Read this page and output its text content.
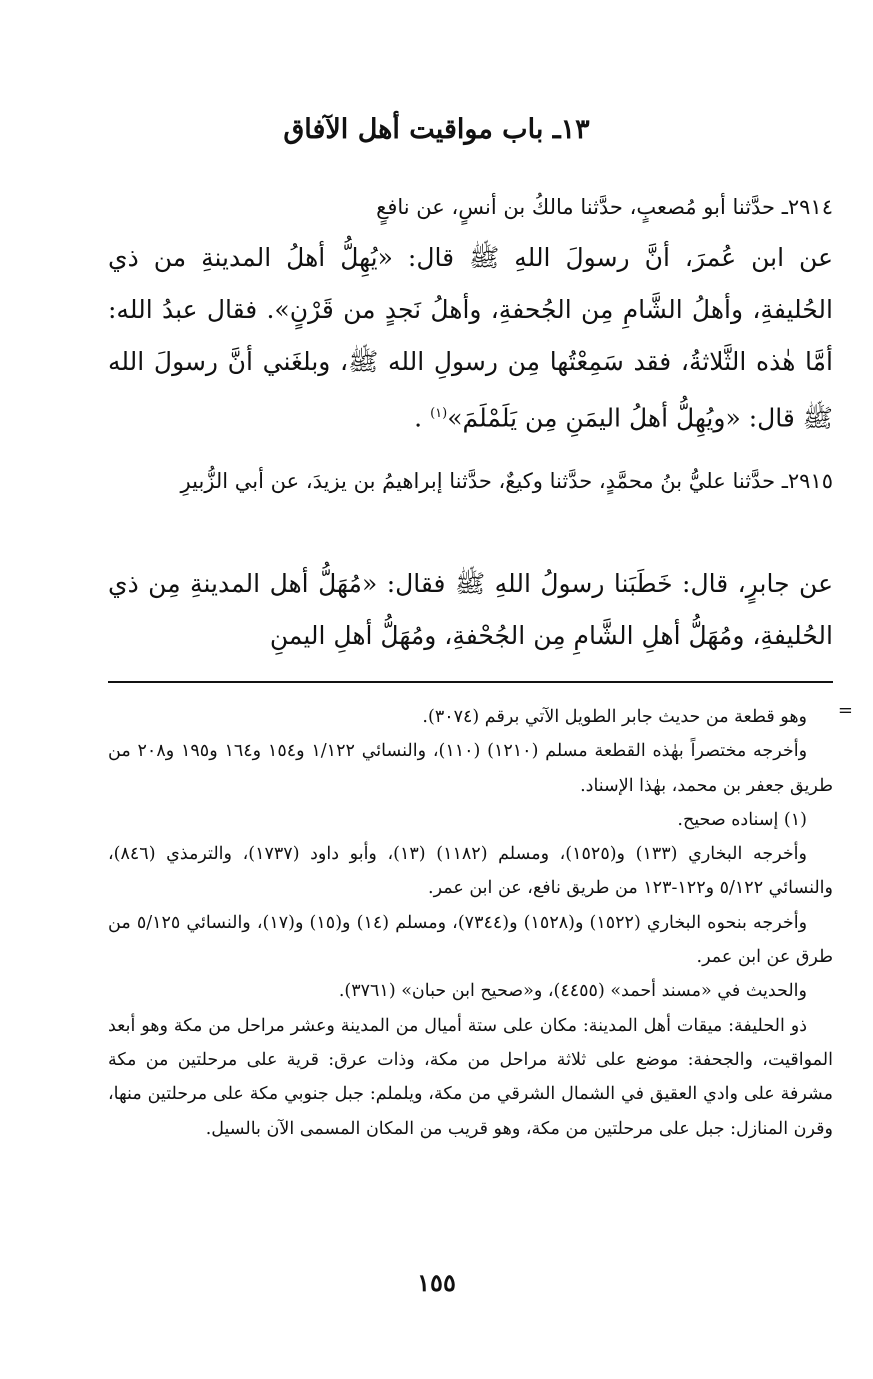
١٣ـ باب مواقيت أهل الآفاق
٢٩١٤ـ حدَّثنا أبو مُصعبٍ، حدَّثنا مالكُ بن أنسٍ، عن نافعٍ
عن ابن عُمرَ، أنَّ رسولَ اللهِ ﷺ قال: «يُهِلُّ أهلُ المدينةِ من ذي الحُليفةِ، وأهلُ الشَّامِ مِن الجُحفةِ، وأهلُ نَجدٍ من قَرْنٍ». فقال عبدُ الله: أمَّا هٰذه الثَّلاثةُ، فقد سَمِعْتُها مِن رسولِ الله ﷺ، وبلغَني أنَّ رسولَ الله ﷺ قال: «ويُهِلُّ أهلُ اليمَنِ مِن يَلَمْلَمَ»$^{(١)}$ .
٢٩١٥ـ حدَّثنا عليُّ بنُ محمَّدٍ، حدَّثنا وكيعٌ، حدَّثنا إبراهيمُ بن يزيدَ، عن أبي الزُّبيرِ
عن جابرٍ، قال: خَطَبَنا رسولُ اللهِ ﷺ فقال: «مُهَلُّ أهل المدينةِ مِن ذي الحُليفةِ، ومُهَلُّ أهلِ الشَّامِ مِن الجُحْفةِ، ومُهَلُّ أهلِ اليمنِ
=

وهو قطعة من حديث جابر الطويل الآتي برقم (٣٠٧٤).

وأخرجه مختصراً بهٰذه القطعة مسلم (١٢١٠) (١١٠)، والنسائي ١/١٢٢ و١٥٤ و١٦٤ و١٩٥ و٢٠٨ من طريق جعفر بن محمد، بهٰذا الإسناد.

(١) إسناده صحيح.

وأخرجه البخاري (١٣٣) و(١٥٢٥)، ومسلم (١١٨٢) (١٣)، وأبو داود (١٧٣٧)، والترمذي (٨٤٦)، والنسائي ٥/١٢٢ و١٢٢-١٢٣ من طريق نافع، عن ابن عمر.

وأخرجه بنحوه البخاري (١٥٢٢) و(١٥٢٨) و(٧٣٤٤)، ومسلم (١٤) و(١٥) و(١٧)، والنسائي ٥/١٢٥ من طرق عن ابن عمر.

والحديث في «مسند أحمد» (٤٤٥٥)، و«صحيح ابن حبان» (٣٧٦١).

ذو الحليفة: ميقات أهل المدينة: مكان على ستة أميال من المدينة وعشر مراحل من مكة وهو أبعد المواقيت، والجحفة: موضع على ثلاثة مراحل من مكة، وذات عرق: قرية على مرحلتين من مكة مشرفة على وادي العقيق في الشمال الشرقي من مكة، ويلملم: جبل جنوبي مكة على مرحلتين منها، وقرن المنازل: جبل على مرحلتين من مكة، وهو قريب من المكان المسمى الآن بالسيل.

١٥٥
